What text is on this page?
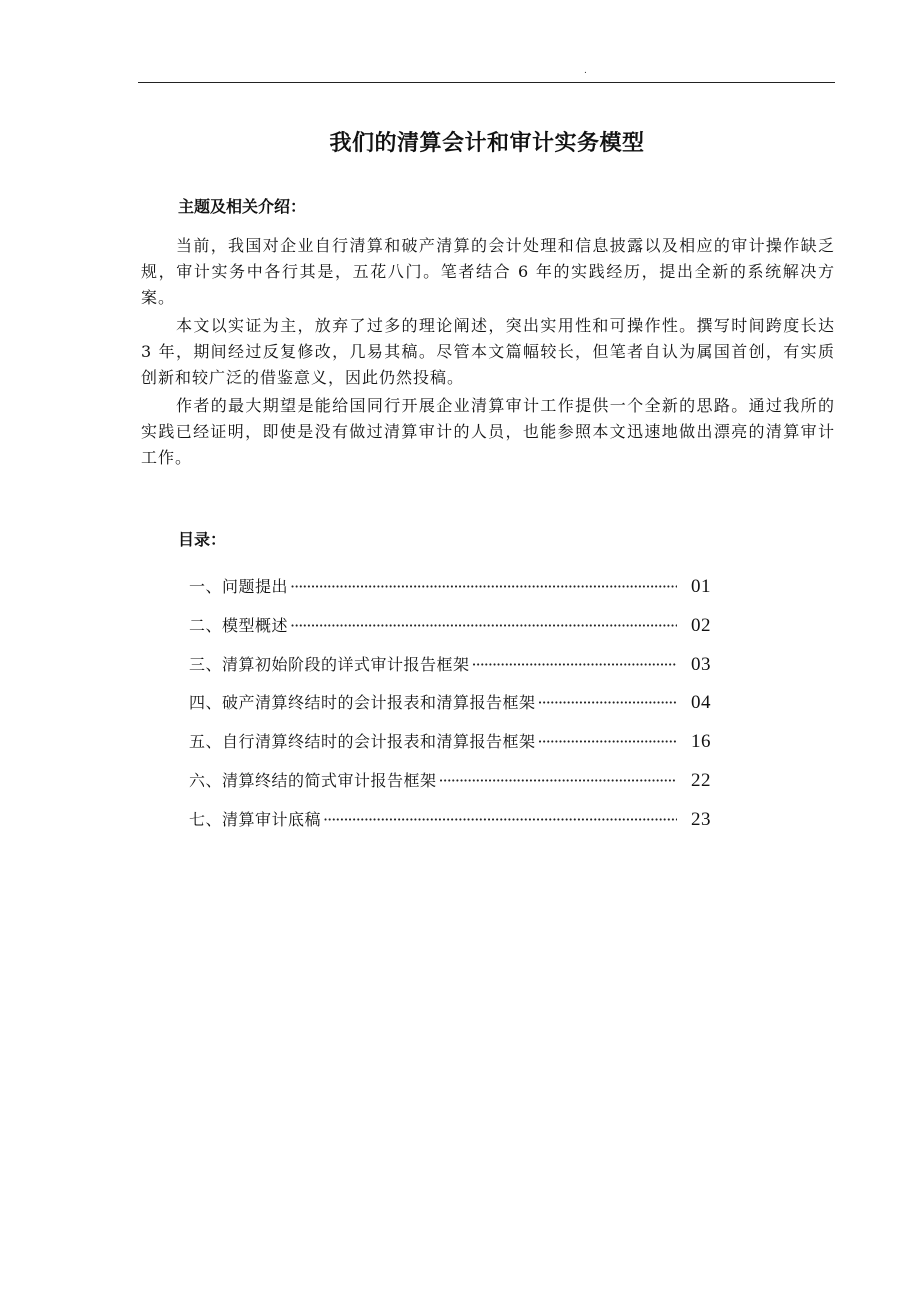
.
我们的清算会计和审计实务模型
主题及相关介绍：

当前，我国对企业自行清算和破产清算的会计处理和信息披露以及相应的审计操作缺乏规，审计实务中各行其是，五花八门。笔者结合 6 年的实践经历，提出全新的系统解决方案。

本文以实证为主，放弃了过多的理论阐述，突出实用性和可操作性。撰写时间跨度长达 3 年，期间经过反复修改，几易其稿。尽管本文篇幅较长，但笔者自认为属国首创，有实质创新和较广泛的借鉴意义，因此仍然投稿。

作者的最大期望是能给国同行开展企业清算审计工作提供一个全新的思路。通过我所的实践已经证明，即使是没有做过清算审计的人员，也能参照本文迅速地做出漂亮的清算审计工作。

目录：
一、问题提出 ·····	01
二、模型概述 ·····	02
三、清算初始阶段的详式审计报告框架 ·····	03
四、破产清算终结时的会计报表和清算报告框架 ·····	04
五、自行清算终结时的会计报表和清算报告框架 ·····	16
六、清算终结的简式审计报告框架 ·····	22
七、清算审计底稿 ·····	23
